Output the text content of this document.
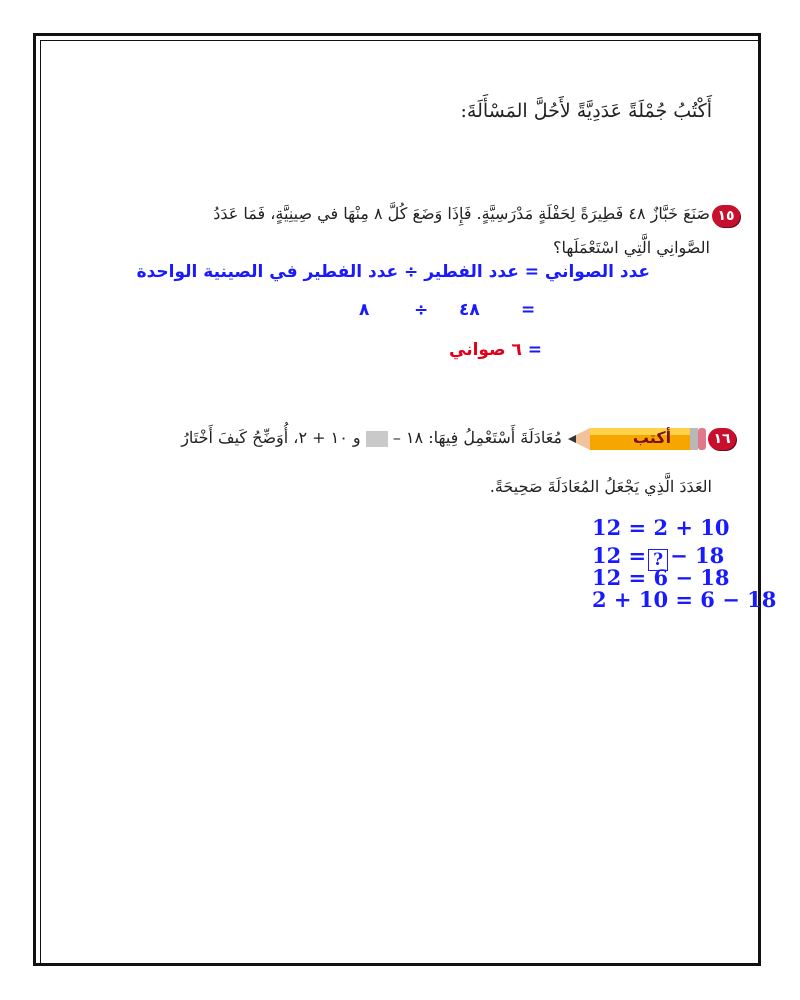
أَكْتُبُ جُمْلَةً عَدَدِيَّةً لأَحُلَّ المَسْأَلَةَ:
١٥
صَنَعَ خَبَّازٌ ٤٨ فَطِيرَةً لِحَفْلَةٍ مَدْرَسِيَّةٍ. فَإِذَا وَضَعَ كُلَّ ٨ مِنْهَا في صِينِيَّةٍ، فَمَا عَدَدُ
الصَّوانِي الَّتِي اسْتَعْمَلَها؟
عدد الصواني = عدد الفطير ÷ عدد الفطير في الصينية الواحدة
=
٤٨
÷
٨
= ٦ صواني
١٦
أكتب
مُعَادَلَةَ أَسْتَعْمِلُ فِيهَا: ١٨ –  و ١٠ + ٢، أُوَضِّحُ كَيفَ أَخْتَارُ
العَدَدَ الَّذِي يَجْعَلُ المُعَادَلَةَ صَحِيحَةً.
12 = 2 + 10
12 = ? − 18
12 = 6 − 18
2 + 10 = 6 − 18
